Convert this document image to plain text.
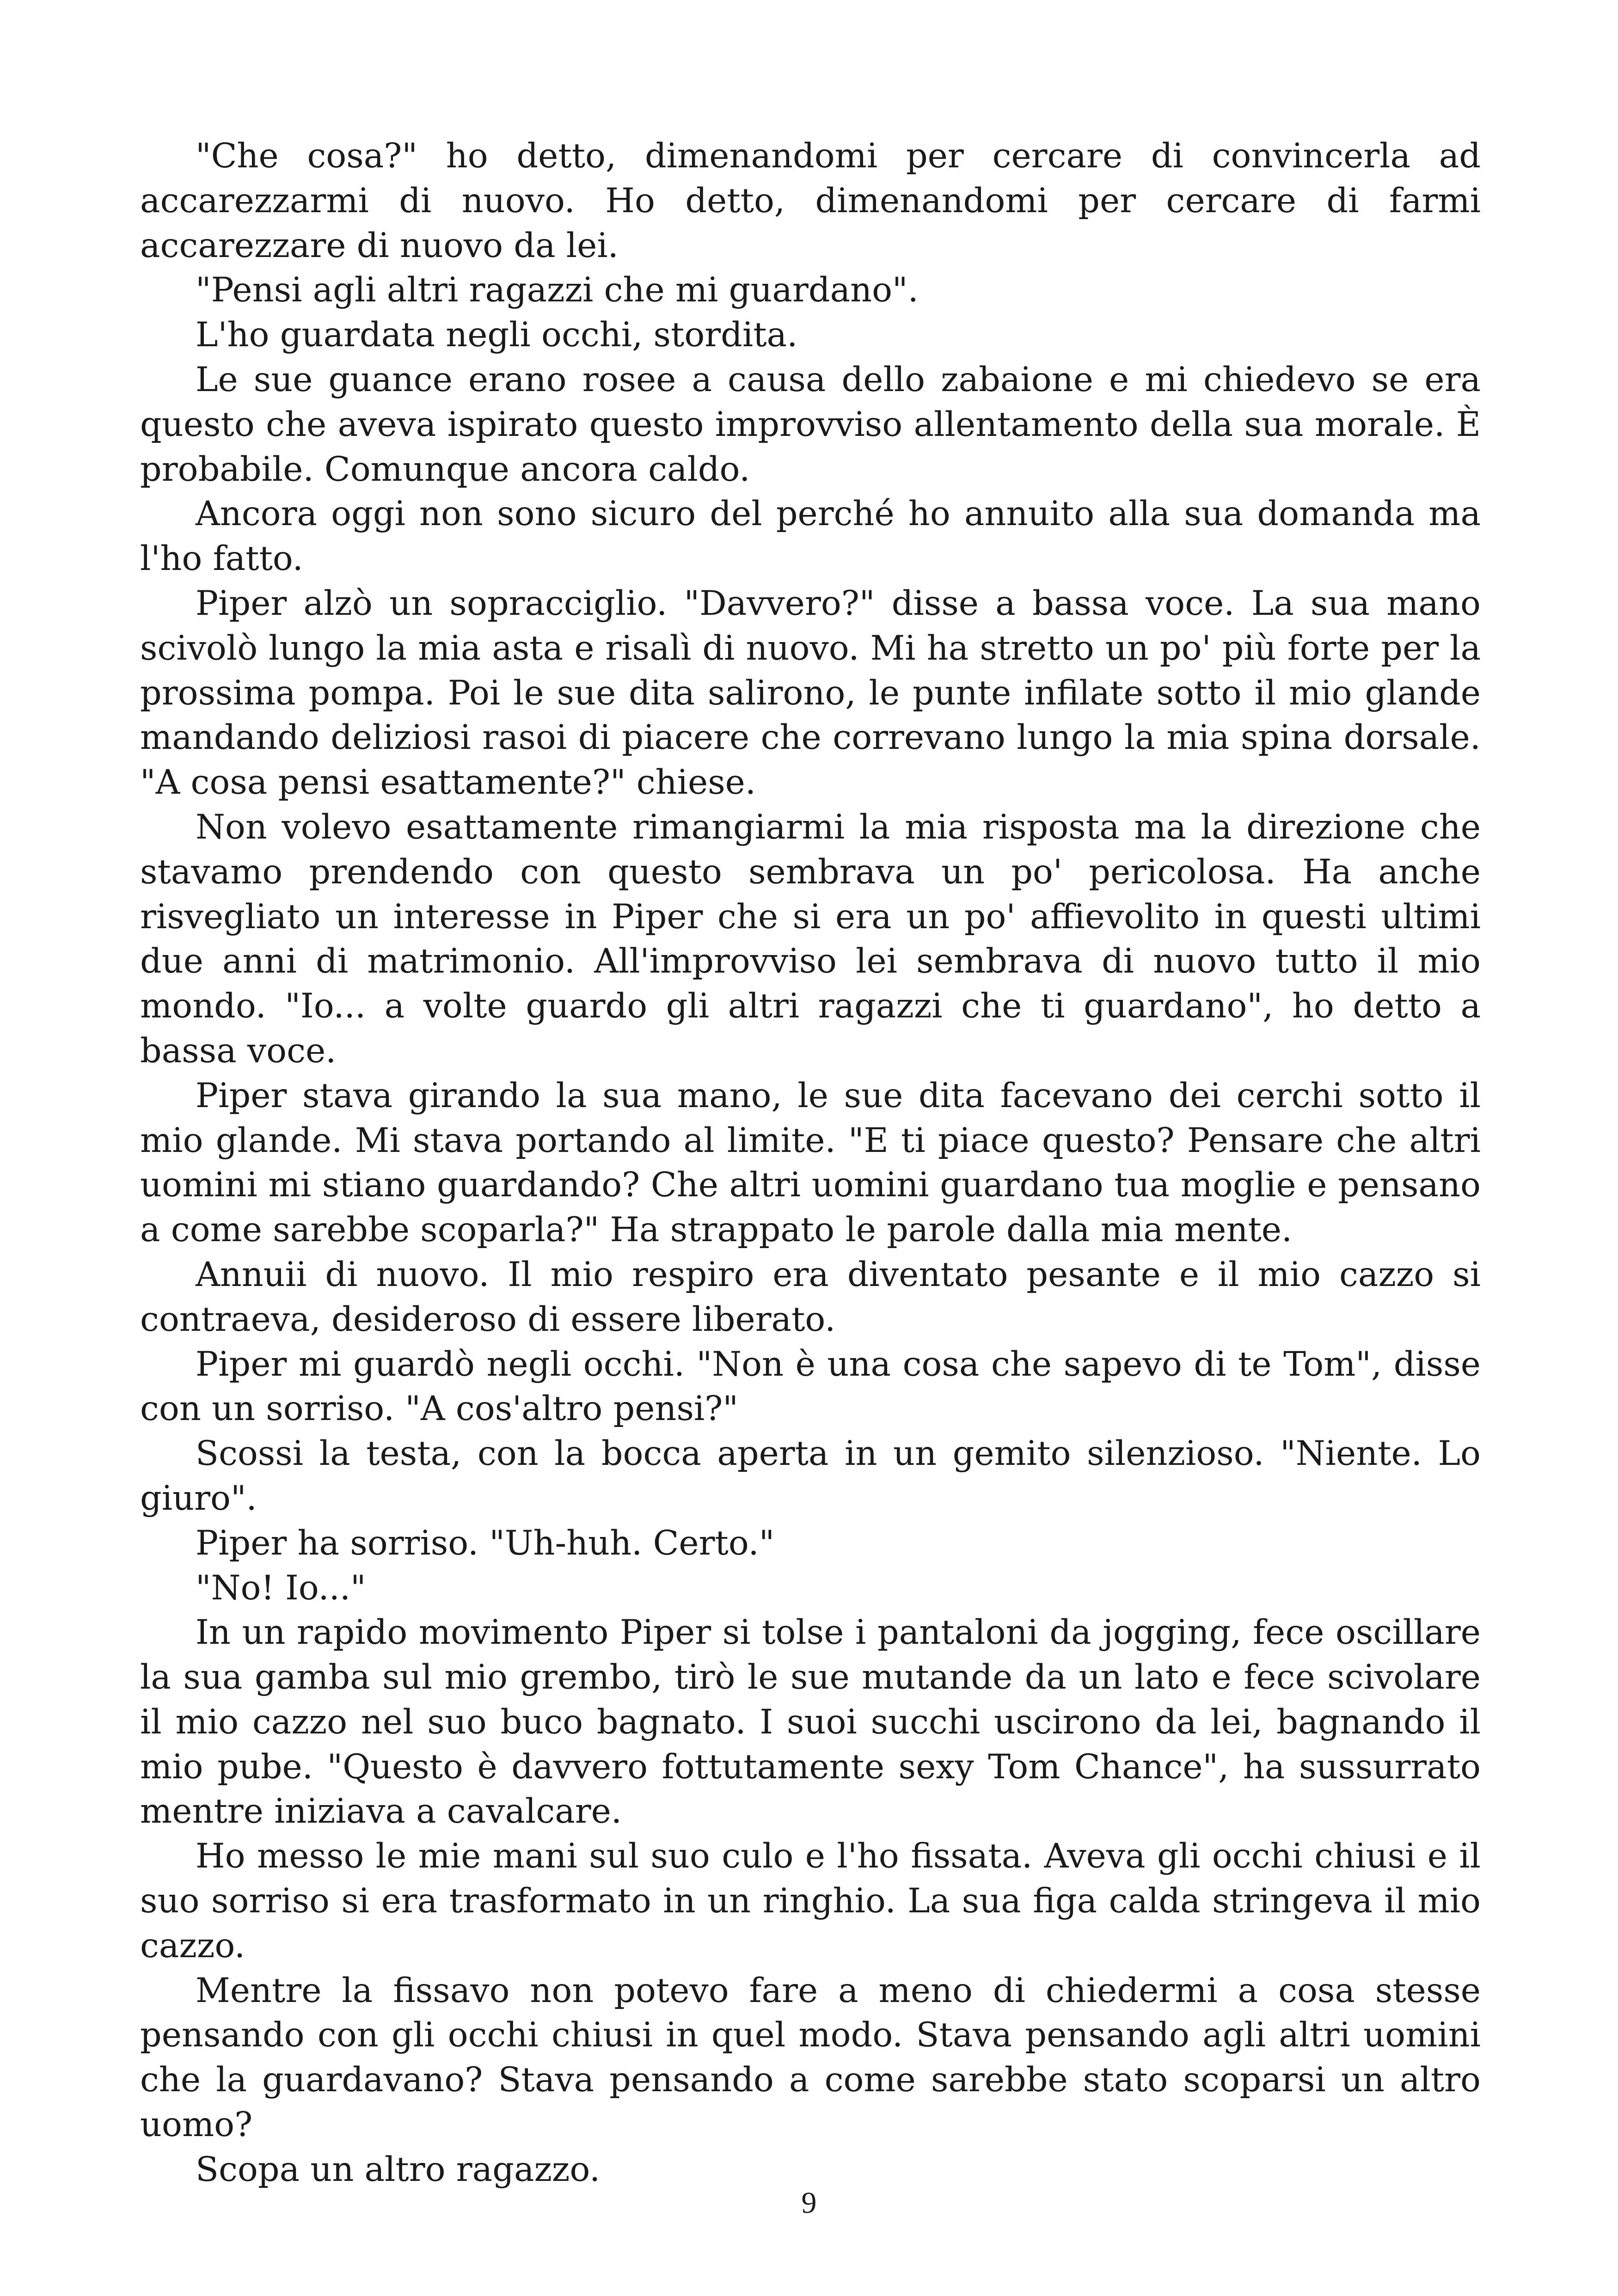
"Che cosa?" ho detto, dimenandomi per cercare di convincerla ad accarezzarmi di nuovo. Ho detto, dimenandomi per cercare di farmi accarezzare di nuovo da lei.

"Pensi agli altri ragazzi che mi guardano".

L'ho guardata negli occhi, stordita.

Le sue guance erano rosee a causa dello zabaione e mi chiedevo se era questo che aveva ispirato questo improvviso allentamento della sua morale. È probabile. Comunque ancora caldo.

Ancora oggi non sono sicuro del perché ho annuito alla sua domanda ma l'ho fatto.

Piper alzò un sopracciglio. "Davvero?" disse a bassa voce. La sua mano scivolò lungo la mia asta e risalì di nuovo. Mi ha stretto un po' più forte per la prossima pompa. Poi le sue dita salirono, le punte infilate sotto il mio glande mandando deliziosi rasoi di piacere che correvano lungo la mia spina dorsale. "A cosa pensi esattamente?" chiese.

Non volevo esattamente rimangiarmi la mia risposta ma la direzione che stavamo prendendo con questo sembrava un po' pericolosa. Ha anche risvegliato un interesse in Piper che si era un po' affievolito in questi ultimi due anni di matrimonio. All'improvviso lei sembrava di nuovo tutto il mio mondo. "Io... a volte guardo gli altri ragazzi che ti guardano", ho detto a bassa voce.

Piper stava girando la sua mano, le sue dita facevano dei cerchi sotto il mio glande. Mi stava portando al limite. "E ti piace questo? Pensare che altri uomini mi stiano guardando? Che altri uomini guardano tua moglie e pensano a come sarebbe scoparla?" Ha strappato le parole dalla mia mente.

Annuii di nuovo. Il mio respiro era diventato pesante e il mio cazzo si contraeva, desideroso di essere liberato.

Piper mi guardò negli occhi. "Non è una cosa che sapevo di te Tom", disse con un sorriso. "A cos'altro pensi?"

Scossi la testa, con la bocca aperta in un gemito silenzioso. "Niente. Lo giuro".

Piper ha sorriso. "Uh-huh. Certo."

"No! Io..."

In un rapido movimento Piper si tolse i pantaloni da jogging, fece oscillare la sua gamba sul mio grembo, tirò le sue mutande da un lato e fece scivolare il mio cazzo nel suo buco bagnato. I suoi succhi uscirono da lei, bagnando il mio pube. "Questo è davvero fottutamente sexy Tom Chance", ha sussurrato mentre iniziava a cavalcare.

Ho messo le mie mani sul suo culo e l'ho fissata. Aveva gli occhi chiusi e il suo sorriso si era trasformato in un ringhio. La sua figa calda stringeva il mio cazzo.

Mentre la fissavo non potevo fare a meno di chiedermi a cosa stesse pensando con gli occhi chiusi in quel modo. Stava pensando agli altri uomini che la guardavano? Stava pensando a come sarebbe stato scoparsi un altro uomo?

Scopa un altro ragazzo.

9
